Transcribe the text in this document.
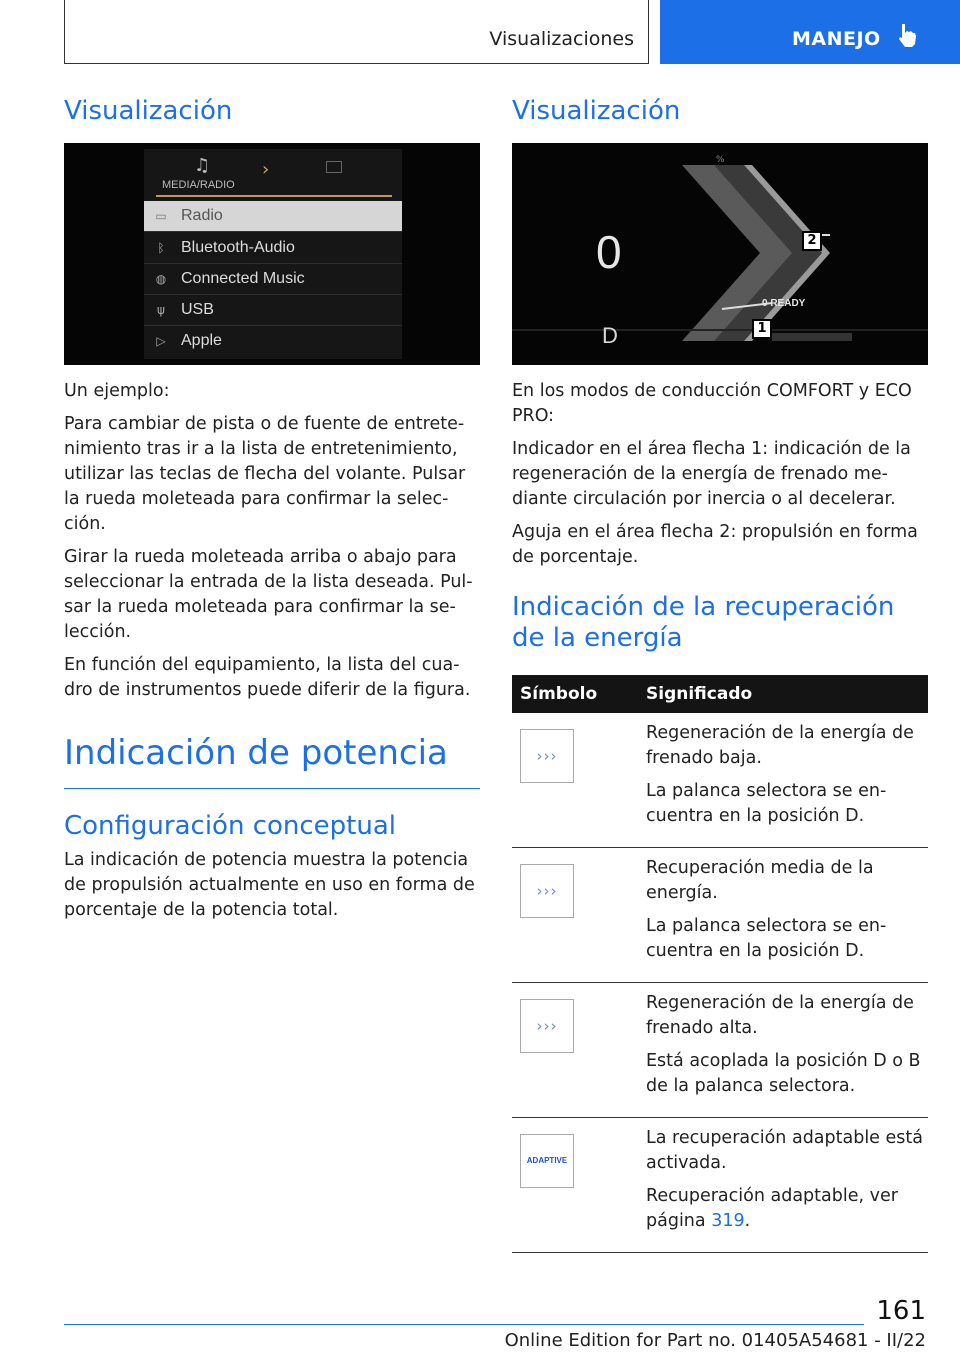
Visualizaciones	MANEJO
Visualización
♫	›
MEDIA/RADIO
▭ Radio
ᛒ Bluetooth-Audio
◍ Connected Music
ψ USB
▷ Apple

Un ejemplo:

Para cambiar de pista o de fuente de entrete‐ nimiento tras ir a la lista de entretenimiento, utilizar las teclas de flecha del volante. Pulsar la rueda moleteada para confirmar la selec‐ ción.

Girar la rueda moleteada arriba o abajo para seleccionar la entrada de la lista deseada. Pul‐ sar la rueda moleteada para confirmar la se‐ lección.

En función del equipamiento, la lista del cua‐ dro de instrumentos puede diferir de la figura.

Indicación de potencia
Configuración conceptual

La indicación de potencia muestra la potencia de propulsión actualmente en uso en forma de porcentaje de la potencia total.

Visualización
%
0
D
0 READY
2
1

En los modos de conducción COMFORT y ECO PRO:

Indicador en el área flecha 1: indicación de la regeneración de la energía de frenado me‐ diante circulación por inercia o al decelerar.

Aguja en el área flecha 2: propulsión en forma de porcentaje.

Indicación de la recuperación de la energía
Símbolo	Significado

›››	Regeneración de la energía de frenado baja.

La palanca selectora se en‐ cuentra en la posición D.

›››	Recuperación media de la energía.

La palanca selectora se en‐ cuentra en la posición D.

›››	Regeneración de la energía de frenado alta.

Está acoplada la posición D o B de la palanca selectora.

ADAPTIVE	La recuperación adaptable está activada.

Recuperación adaptable, ver página 319.

161
Online Edition for Part no. 01405A54681 - II/22
